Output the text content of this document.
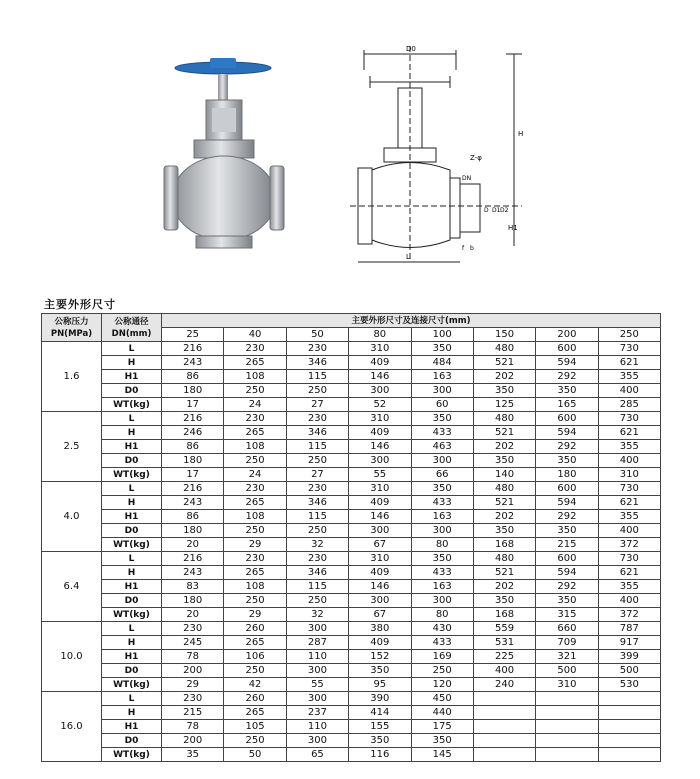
D0
H
H1
L
Z-φ
D D1 D2
DN
f b
主要外形尺寸
公称压力 PN(MPa)	公称通径 DN(mm)	主要外形尺寸及连接尺寸(mm)							
		25	40	50	80	100	150	200	250
1.6	L	216	230	230	310	350	480	600	730
	H	243	265	346	409	484	521	594	621
	H1	86	108	115	146	163	202	292	355
	D0	180	250	250	300	300	350	350	400
	WT(kg)	17	24	27	52	60	125	165	285
2.5	L	216	230	230	310	350	480	600	730
	H	246	265	346	409	433	521	594	621
	H1	86	108	115	146	463	202	292	355
	D0	180	250	250	300	300	350	350	400
	WT(kg)	17	24	27	55	66	140	180	310
4.0	L	216	230	230	310	350	480	600	730
	H	243	265	346	409	433	521	594	621
	H1	86	108	115	146	163	202	292	355
	D0	180	250	250	300	300	350	350	400
	WT(kg)	20	29	32	67	80	168	215	372
6.4	L	216	230	230	310	350	480	600	730
	H	243	265	346	409	433	521	594	621
	H1	83	108	115	146	163	202	292	355
	D0	180	250	250	300	300	350	350	400
	WT(kg)	20	29	32	67	80	168	315	372
10.0	L	230	260	300	380	430	559	660	787
	H	245	265	287	409	433	531	709	917
	H1	78	106	110	152	169	225	321	399
	D0	200	250	300	350	250	400	500	500
	WT(kg)	29	42	55	95	120	240	310	530
16.0	L	230	260	300	390	450			
	H	215	265	237	414	440			
	H1	78	105	110	155	175			
	D0	200	250	300	350	350			
	WT(kg)	35	50	65	116	145			
